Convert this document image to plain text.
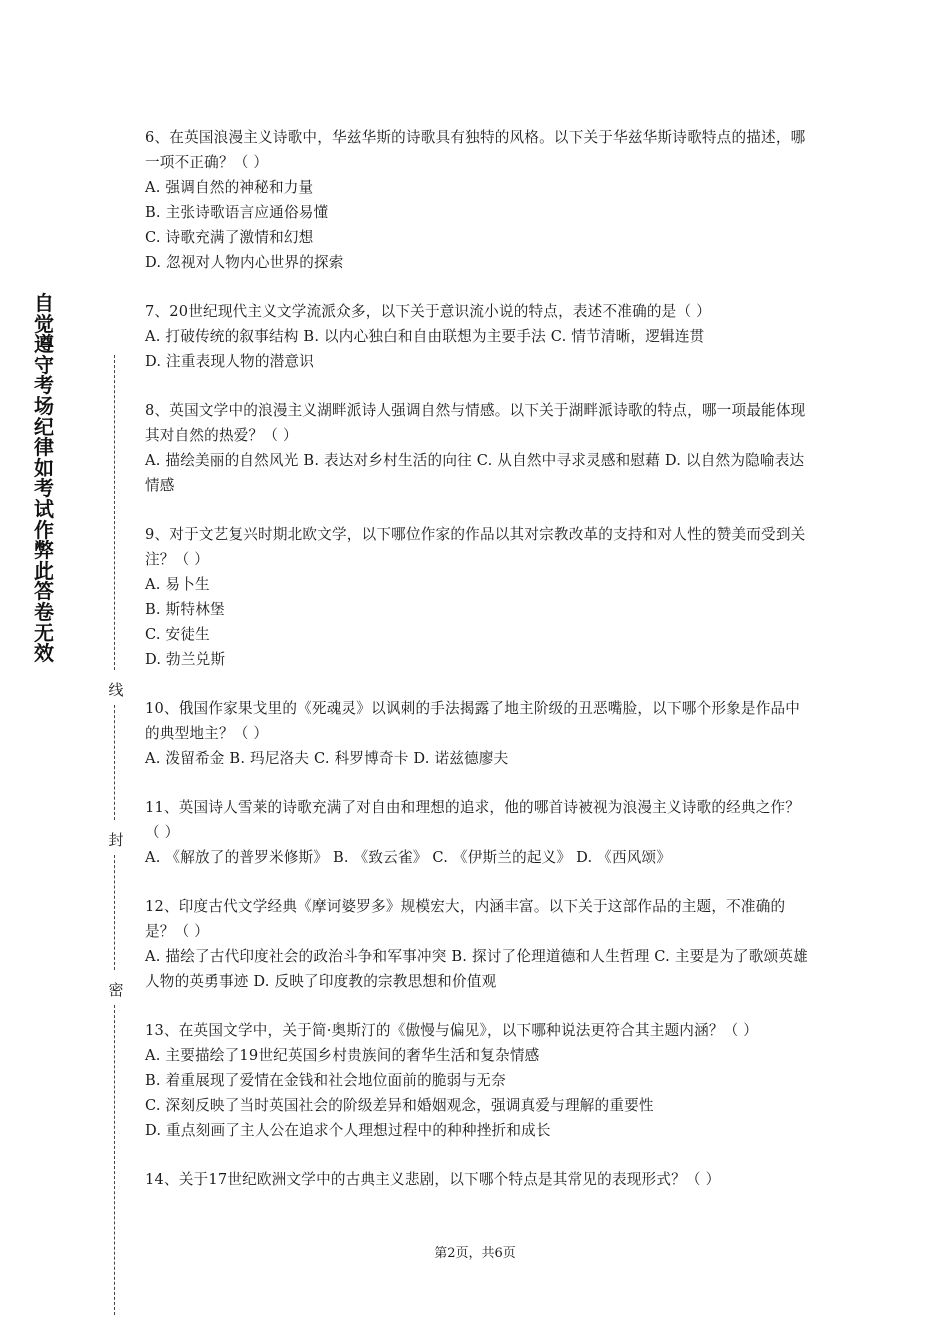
自觉遵守考场纪律如考试作弊此答卷无效
线
封
密

6、在英国浪漫主义诗歌中，华兹华斯的诗歌具有独特的风格。以下关于华兹华斯诗歌特点的描述，哪一项不正确？（ ）

A. 强调自然的神秘和力量

B. 主张诗歌语言应通俗易懂

C. 诗歌充满了激情和幻想

D. 忽视对人物内心世界的探索

7、20世纪现代主义文学流派众多，以下关于意识流小说的特点，表述不准确的是（ ）

A. 打破传统的叙事结构 B. 以内心独白和自由联想为主要手法 C. 情节清晰，逻辑连贯

D. 注重表现人物的潜意识

8、英国文学中的浪漫主义湖畔派诗人强调自然与情感。以下关于湖畔派诗歌的特点，哪一项最能体现其对自然的热爱？（ ）

A. 描绘美丽的自然风光 B. 表达对乡村生活的向往 C. 从自然中寻求灵感和慰藉 D. 以自然为隐喻表达情感

9、对于文艺复兴时期北欧文学，以下哪位作家的作品以其对宗教改革的支持和对人性的赞美而受到关注？（ ）

A. 易卜生

B. 斯特林堡

C. 安徒生

D. 勃兰兑斯

10、俄国作家果戈里的《死魂灵》以讽刺的手法揭露了地主阶级的丑恶嘴脸，以下哪个形象是作品中的典型地主？（ ）

A. 泼留希金 B. 玛尼洛夫 C. 科罗博奇卡 D. 诺兹德廖夫

11、英国诗人雪莱的诗歌充满了对自由和理想的追求，他的哪首诗被视为浪漫主义诗歌的经典之作？（ ）

A. 《解放了的普罗米修斯》 B. 《致云雀》 C. 《伊斯兰的起义》 D. 《西风颂》

12、印度古代文学经典《摩诃婆罗多》规模宏大，内涵丰富。以下关于这部作品的主题，不准确的是？（ ）

A. 描绘了古代印度社会的政治斗争和军事冲突 B. 探讨了伦理道德和人生哲理 C. 主要是为了歌颂英雄人物的英勇事迹 D. 反映了印度教的宗教思想和价值观

13、在英国文学中，关于简·奥斯汀的《傲慢与偏见》，以下哪种说法更符合其主题内涵？（ ）

A. 主要描绘了19世纪英国乡村贵族间的奢华生活和复杂情感

B. 着重展现了爱情在金钱和社会地位面前的脆弱与无奈

C. 深刻反映了当时英国社会的阶级差异和婚姻观念，强调真爱与理解的重要性

D. 重点刻画了主人公在追求个人理想过程中的种种挫折和成长

14、关于17世纪欧洲文学中的古典主义悲剧，以下哪个特点是其常见的表现形式？（ ）

第2页，共6页
